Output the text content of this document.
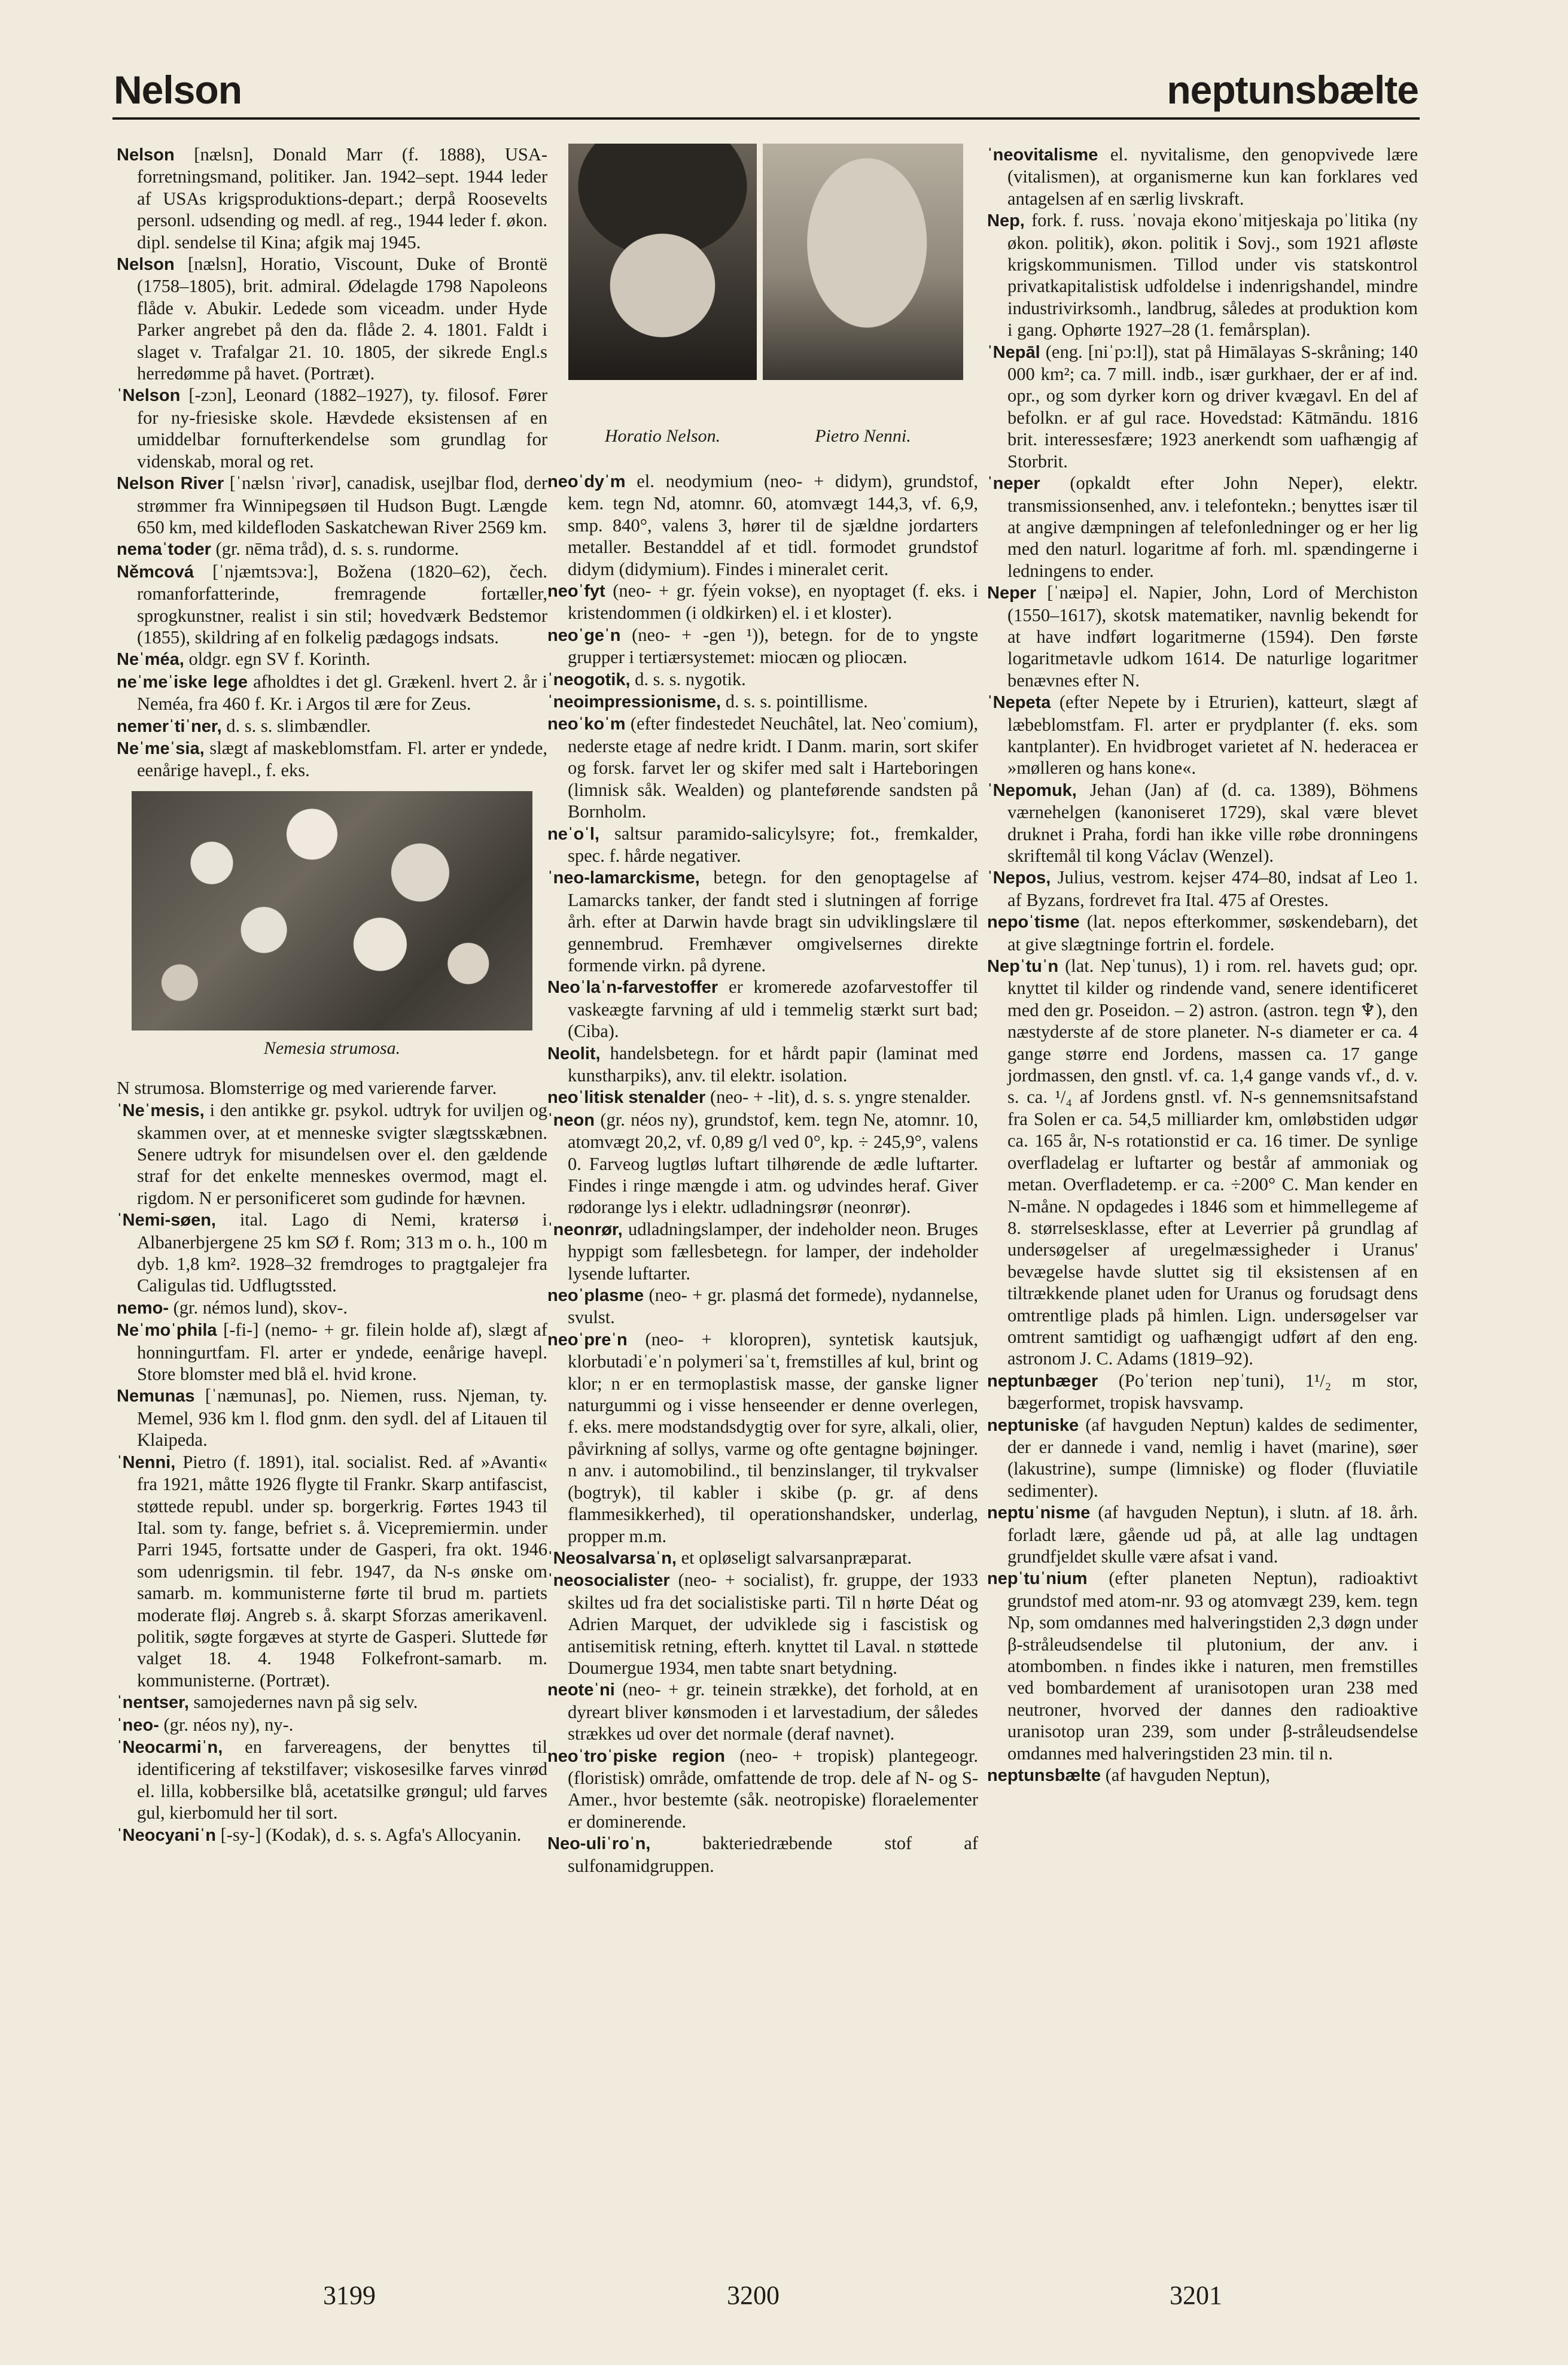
Nelson	neptunsbælte
Nelson [nælsn], Donald Marr (f. 1888), USA-forretningsmand, politiker. Jan. 1942–sept. 1944 leder af USAs krigsproduktions-depart.; derpå Roosevelts personl. udsending og medl. af reg., 1944 leder f. økon. dipl. sendelse til Kina; afgik maj 1945.
Nelson [nælsn], Horatio, Viscount, Duke of Brontë (1758–1805), brit. admiral. Ødelagde 1798 Napoleons flåde v. Abukir. Ledede som viceadm. under Hyde Parker angrebet på den da. flåde 2. 4. 1801. Faldt i slaget v. Trafalgar 21. 10. 1805, der sikrede Engl.s herredømme på havet. (Portræt).
ˈNelson [-zɔn], Leonard (1882–1927), ty. filosof. Fører for ny-friesiske skole. Hævdede eksistensen af en umiddelbar fornufterkendelse som grundlag for videnskab, moral og ret.
Nelson River [ˈnælsn ˈrivər], canadisk, usejlbar flod, der strømmer fra Winnipegsøen til Hudson Bugt. Længde 650 km, med kildefloden Saskatchewan River 2569 km.
nemaˈtoder (gr. nēma tråd), d. s. s. rundorme.
Němcová [ˈnjæmtsɔva:], Božena (1820–62), čech. romanforfatterinde, fremragende fortæller, sprogkunstner, realist i sin stil; hovedværk Bedstemor (1855), skildring af en folkelig pædagogs indsats.
Neˈméa, oldgr. egn SV f. Korinth.
neˈmeˈiske lege afholdtes i det gl. Grækenl. hvert 2. år i Neméa, fra 460 f. Kr. i Argos til ære for Zeus.
nemerˈtiˈner, d. s. s. slimbændler.
Neˈmeˈsia, slægt af maskeblomstfam. Fl. arter er yndede, eenårige havepl., f. eks.
Nemesia strumosa.
N strumosa. Blomsterrige og med varierende farver.
ˈNeˈmesis, i den antikke gr. psykol. udtryk for uviljen og skammen over, at et menneske svigter slægtsskæbnen. Senere udtryk for misundelsen over el. den gældende straf for det enkelte menneskes overmod, magt el. rigdom. N er personificeret som gudinde for hævnen.
ˈNemi-søen, ital. Lago di Nemi, kratersø i Albanerbjergene 25 km SØ f. Rom; 313 m o. h., 100 m dyb. 1,8 km². 1928–32 fremdroges to pragtgalejer fra Caligulas tid. Udflugtssted.
nemo- (gr. némos lund), skov-.
Neˈmoˈphila [-fi-] (nemo- + gr. filein holde af), slægt af honningurtfam. Fl. arter er yndede, eenårige havepl. Store blomster med blå el. hvid krone.
Nemunas [ˈnæmunas], po. Niemen, russ. Njeman, ty. Memel, 936 km l. flod gnm. den sydl. del af Litauen til Klaipeda.
ˈNenni, Pietro (f. 1891), ital. socialist. Red. af »Avanti« fra 1921, måtte 1926 flygte til Frankr. Skarp antifascist, støttede republ. under sp. borgerkrig. Førtes 1943 til Ital. som ty. fange, befriet s. å. Vicepremiermin. under Parri 1945, fortsatte under de Gasperi, fra okt. 1946 som udenrigsmin. til febr. 1947, da N-s ønske om samarb. m. kommunisterne førte til brud m. partiets moderate fløj. Angreb s. å. skarpt Sforzas amerikavenl. politik, søgte forgæves at styrte de Gasperi. Sluttede før valget 18. 4. 1948 Folkefront-samarb. m. kommunisterne. (Portræt).
ˈnentser, samojedernes navn på sig selv.
ˈneo- (gr. néos ny), ny-.
ˈNeocarmiˈn, en farvereagens, der benyttes til identificering af tekstilfaver; viskosesilke farves vinrød el. lilla, kobbersilke blå, acetatsilke grøngul; uld farves gul, kierbomuld her til sort.
ˈNeocyaniˈn [-sy-] (Kodak), d. s. s. Agfa's Allocyanin.
Horatio Nelson.	Pietro Nenni.
neoˈdyˈm el. neodymium (neo- + didym), grundstof, kem. tegn Nd, atomnr. 60, atomvægt 144,3, vf. 6,9, smp. 840°, valens 3, hører til de sjældne jordarters metaller. Bestanddel af et tidl. formodet grundstof didym (didymium). Findes i mineralet cerit.
neoˈfyt (neo- + gr. fýein vokse), en nyoptaget (f. eks. i kristendommen (i oldkirken) el. i et kloster).
neoˈgeˈn (neo- + -gen ¹)), betegn. for de to yngste grupper i tertiærsystemet: miocæn og pliocæn.
ˈneogotik, d. s. s. nygotik.
ˈneoimpressionisme, d. s. s. pointillisme.
neoˈkoˈm (efter findestedet Neuchâtel, lat. Neoˈcomium), nederste etage af nedre kridt. I Danm. marin, sort skifer og forsk. farvet ler og skifer med salt i Harteboringen (limnisk såk. Wealden) og planteførende sandsten på Bornholm.
neˈoˈl, saltsur paramido-salicylsyre; fot., fremkalder, spec. f. hårde negativer.
ˈneo-lamarckisme, betegn. for den genoptagelse af Lamarcks tanker, der fandt sted i slutningen af forrige årh. efter at Darwin havde bragt sin udviklingslære til gennembrud. Fremhæver omgivelsernes direkte formende virkn. på dyrene.
Neoˈlaˈn-farvestoffer er kromerede azofarvestoffer til vaskeægte farvning af uld i temmelig stærkt surt bad; (Ciba).
Neolit, handelsbetegn. for et hårdt papir (laminat med kunstharpiks), anv. til elektr. isolation.
neoˈlitisk stenalder (neo- + -lit), d. s. s. yngre stenalder.
ˈneon (gr. néos ny), grundstof, kem. tegn Ne, atomnr. 10, atomvægt 20,2, vf. 0,89 g/l ved 0°, kp. ÷ 245,9°, valens 0. Farveog lugtløs luftart tilhørende de ædle luftarter. Findes i ringe mængde i atm. og udvindes heraf. Giver rødorange lys i elektr. udladningsrør (neonrør).
ˈneonrør, udladningslamper, der indeholder neon. Bruges hyppigt som fællesbetegn. for lamper, der indeholder lysende luftarter.
neoˈplasme (neo- + gr. plasmá det formede), nydannelse, svulst.
neoˈpreˈn (neo- + kloropren), syntetisk kautsjuk, klorbutadiˈeˈn polymeriˈsaˈt, fremstilles af kul, brint og klor; n er en termoplastisk masse, der ganske ligner naturgummi og i visse henseender er denne overlegen, f. eks. mere modstandsdygtig over for syre, alkali, olier, påvirkning af sollys, varme og ofte gentagne bøjninger. n anv. i automobilind., til benzinslanger, til trykvalser (bogtryk), til kabler i skibe (p. gr. af dens flammesikkerhed), til operationshandsker, underlag, propper m.m.
ˈNeosalvarsaˈn, et opløseligt salvarsanpræparat.
ˈneosocialister (neo- + socialist), fr. gruppe, der 1933 skiltes ud fra det socialistiske parti. Til n hørte Déat og Adrien Marquet, der udviklede sig i fascistisk og antisemitisk retning, efterh. knyttet til Laval. n støttede Doumergue 1934, men tabte snart betydning.
neoteˈni (neo- + gr. teinein strække), det forhold, at en dyreart bliver kønsmoden i et larvestadium, der således strækkes ud over det normale (deraf navnet).
neoˈtroˈpiske region (neo- + tropisk) plantegeogr. (floristisk) område, omfattende de trop. dele af N- og S-Amer., hvor bestemte (såk. neotropiske) floraelementer er dominerende.
Neo-uliˈroˈn,	bakteriedræbende stof af sulfonamidgruppen.
ˈneovitalisme el. nyvitalisme, den genopvivede lære (vitalismen), at organismerne kun kan forklares ved antagelsen af en særlig livskraft.
Nep, fork. f. russ. ˈnovaja ekonoˈmitjeskaja poˈlitika (ny økon. politik), økon. politik i Sovj., som 1921 afløste krigskommunismen. Tillod under vis statskontrol privatkapitalistisk udfoldelse i indenrigshandel, mindre industrivirksomh., landbrug, således at produktion kom i gang. Ophørte 1927–28 (1. femårsplan).
ˈNepāl (eng. [niˈpɔ:l]), stat på Himālayas S-skråning; 140 000 km²; ca. 7 mill. indb., især gurkhaer, der er af ind. opr., og som dyrker korn og driver kvægavl. En del af befolkn. er af gul race. Hovedstad: Kātmāndu. 1816 brit. interessesfære; 1923 anerkendt som uafhængig af Storbrit.
ˈneper (opkaldt efter John Neper), elektr. transmissionsenhed, anv. i telefontekn.; benyttes især til at angive dæmpningen af telefonledninger og er her lig med den naturl. logaritme af forh. ml. spændingerne i ledningens to ender.
Neper [ˈnæipə] el. Napier, John, Lord of Merchiston (1550–1617), skotsk matematiker, navnlig bekendt for at have indført logaritmerne (1594). Den første logaritmetavle udkom 1614. De naturlige logaritmer benævnes efter N.
ˈNepeta (efter Nepete by i Etrurien), katteurt, slægt af læbeblomstfam. Fl. arter er prydplanter (f. eks. som kantplanter). En hvidbroget varietet af N. hederacea er »mølleren og hans kone«.
ˈNepomuk, Jehan (Jan) af (d. ca. 1389), Böhmens værnehelgen (kanoniseret 1729), skal være blevet druknet i Praha, fordi han ikke ville røbe dronningens skriftemål til kong Václav (Wenzel).
ˈNepos, Julius, vestrom. kejser 474–80, indsat af Leo 1. af Byzans, fordrevet fra Ital. 475 af Orestes.
nepoˈtisme (lat. nepos efterkommer, søskendebarn), det at give slægtninge fortrin el. fordele.
Nepˈtuˈn (lat. Nepˈtunus), 1) i rom. rel. havets gud; opr. knyttet til kilder og rindende vand, senere identificeret med den gr. Poseidon. – 2) astron. (astron. tegn ♆), den næstyderste af de store planeter. N-s diameter er ca. 4 gange større end Jordens, massen ca. 17 gange jordmassen, den gnstl. vf. ca. 1,4 gange vands vf., d. v. s. ca. ¹/₄ af Jordens gnstl. vf. N-s gennemsnitsafstand fra Solen er ca. 54,5 milliarder km, omløbstiden udgør ca. 165 år, N-s rotationstid er ca. 16 timer. De synlige overfladelag er luftarter og består af ammoniak og metan. Overfladetemp. er ca. ÷200° C. Man kender en N-måne. N opdagedes i 1846 som et himmellegeme af 8. størrelsesklasse, efter at Leverrier på grundlag af undersøgelser af uregelmæssigheder i Uranus' bevægelse havde sluttet sig til eksistensen af en tiltrækkende planet uden for Uranus og forudsagt dens omtrentlige plads på himlen. Lign. undersøgelser var omtrent samtidigt og uafhængigt udført af den eng. astronom J. C. Adams (1819–92).
neptunbæger (Poˈterion nepˈtuni), 1¹/₂ m stor, bægerformet, tropisk havsvamp.
neptuniske (af havguden Neptun) kaldes de sedimenter, der er dannede i vand, nemlig i havet (marine), søer (lakustrine), sumpe (limniske) og floder (fluviatile sedimenter).
neptuˈnisme (af havguden Neptun), i slutn. af 18. årh. forladt lære, gående ud på, at alle lag undtagen grundfjeldet skulle være afsat i vand.
nepˈtuˈnium (efter planeten Neptun), radioaktivt grundstof med atom-nr. 93 og atomvægt 239, kem. tegn Np, som omdannes med halveringstiden 2,3 døgn under β-stråleudsendelse til plutonium, der anv. i atombomben. n findes ikke i naturen, men fremstilles ved bombardement af uranisotopen uran 238 med neutroner, hvorved der dannes den radioaktive uranisotop uran 239, som under β-stråleudsendelse omdannes med halveringstiden 23 min. til n.
neptunsbælte (af havguden Neptun),
3199	3200	3201
